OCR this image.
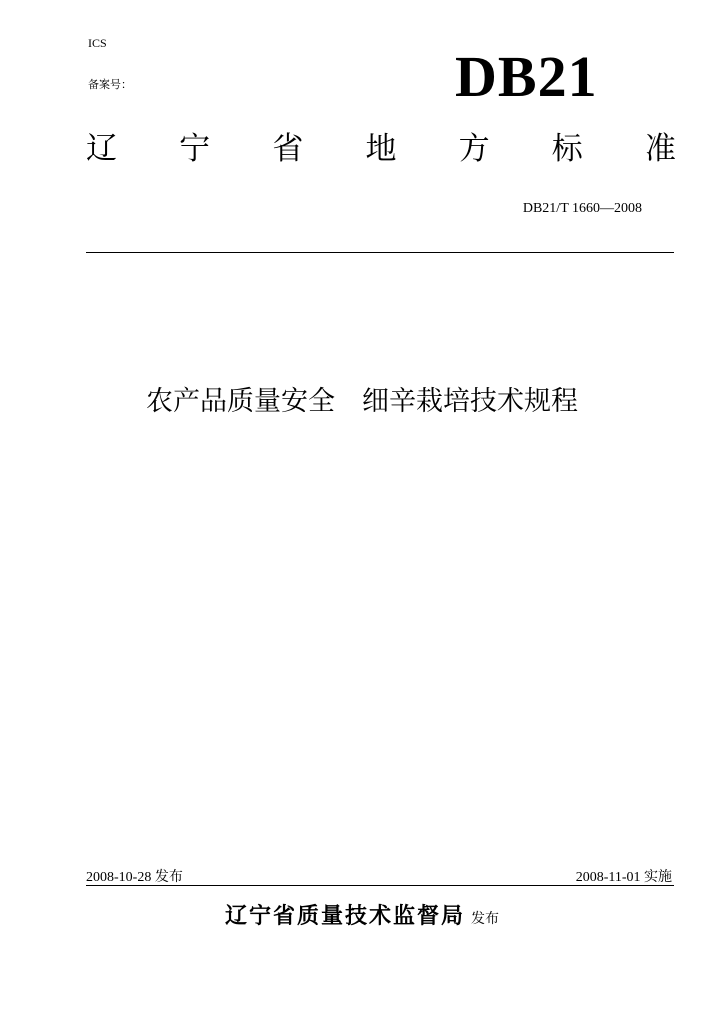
ICS
备案号：	DB21
辽 宁 省 地 方 标 准
DB21/T 1660—2008
农产品质量安全　细辛栽培技术规程
2008-10-28 发布	2008-11-01 实施
辽宁省质量技术监督局 发布
